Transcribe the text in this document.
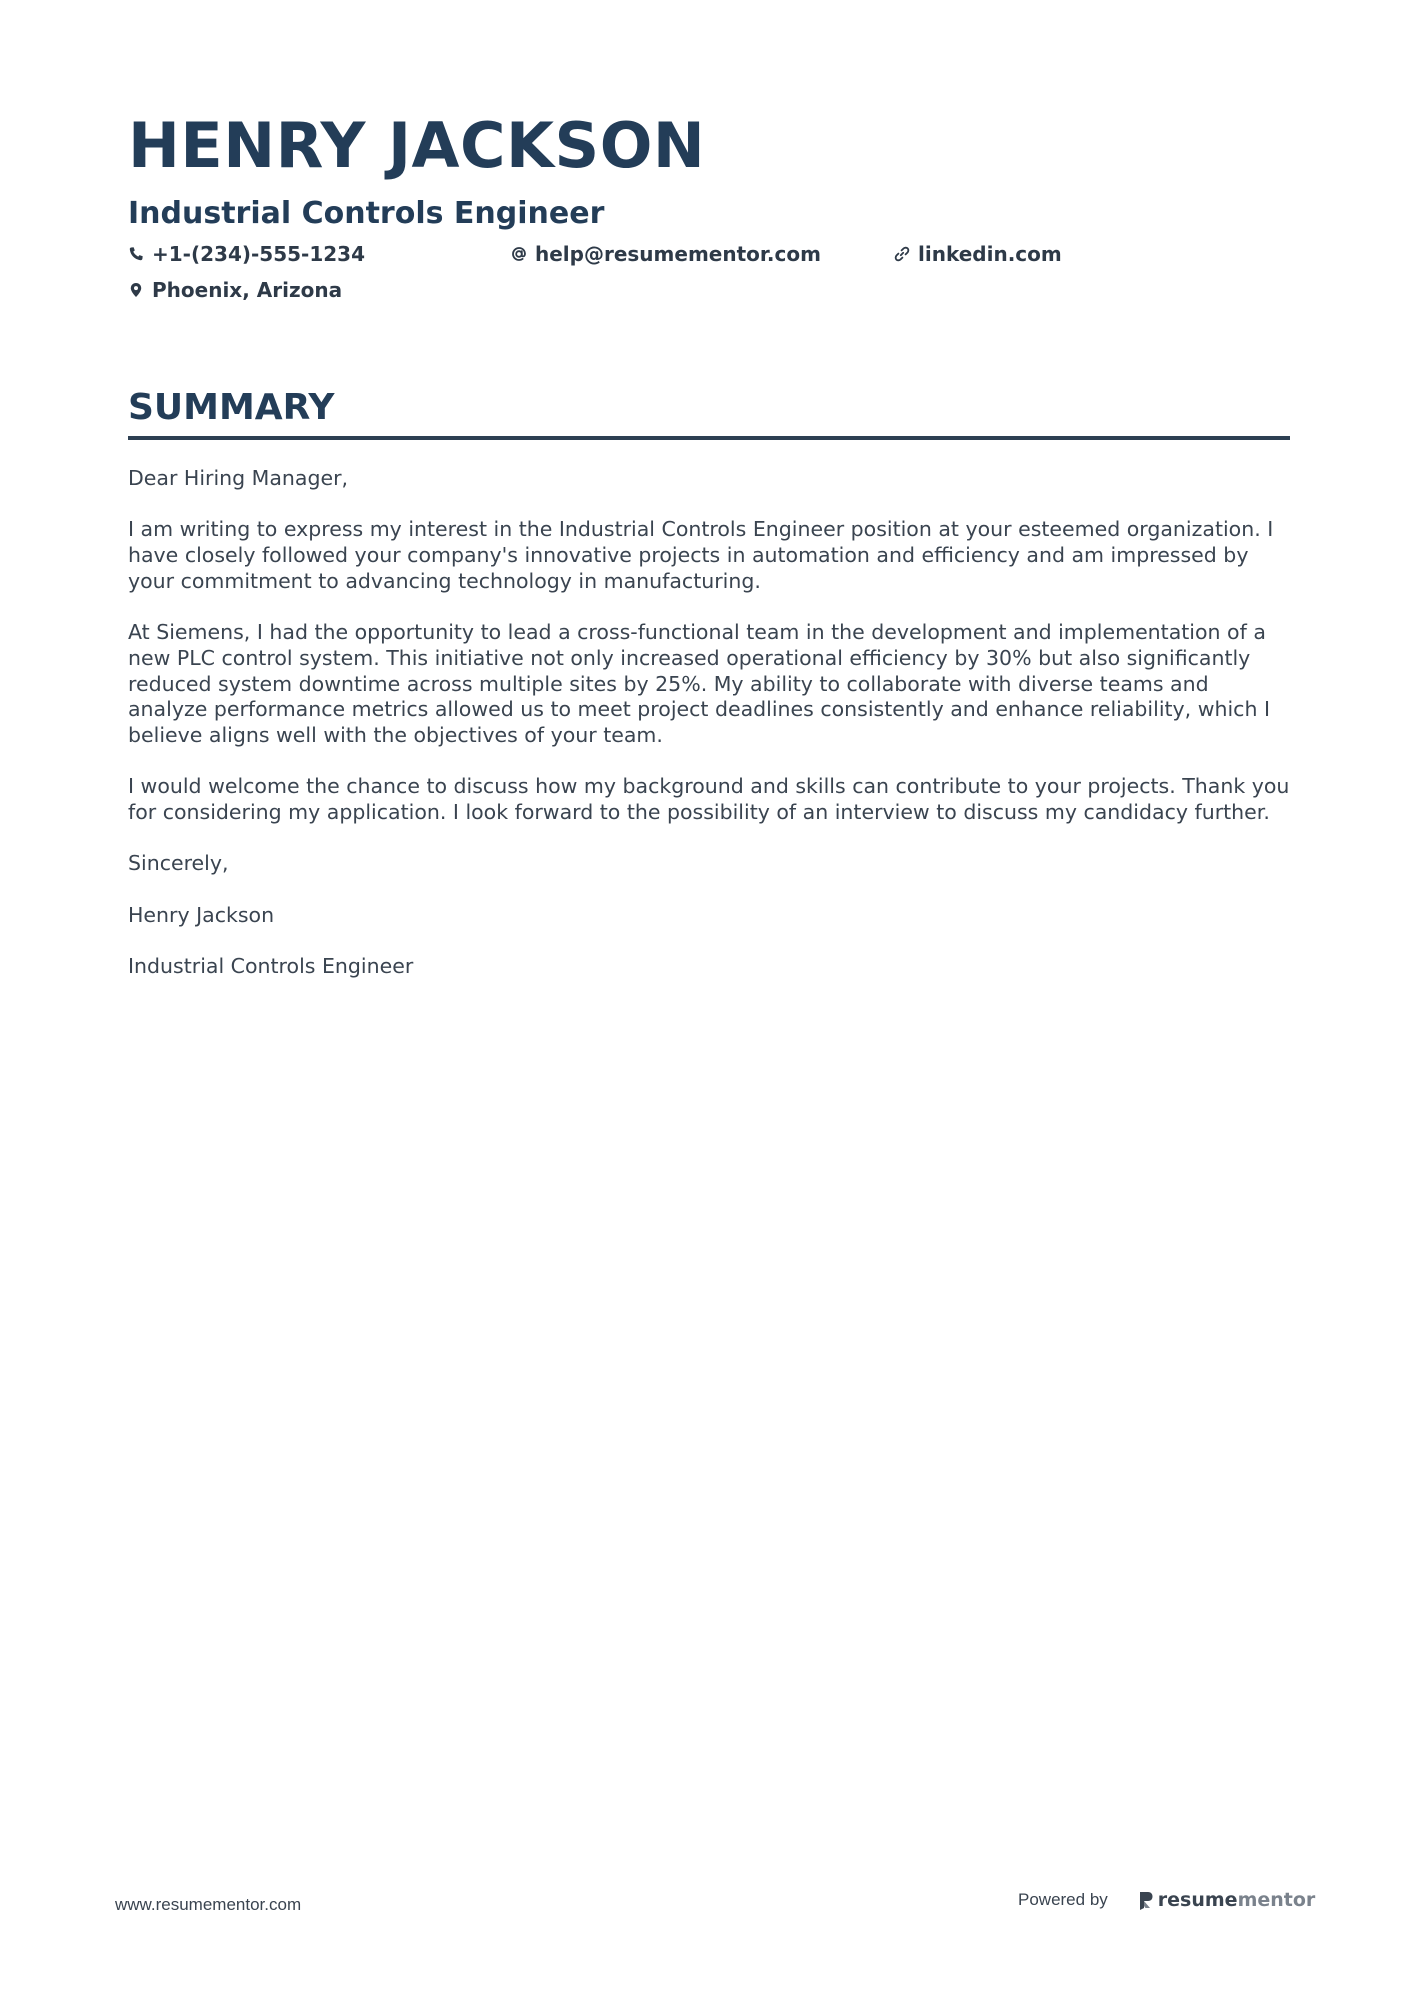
HENRY JACKSON
Industrial Controls Engineer
+1-(234)-555-1234	help@resumementor.com	linkedin.com
Phoenix, Arizona
SUMMARY

Dear Hiring Manager,

I am writing to express my interest in the Industrial Controls Engineer position at your esteemed organization. I have closely followed your company's innovative projects in automation and efficiency and am impressed by your commitment to advancing technology in manufacturing.

At Siemens, I had the opportunity to lead a cross-functional team in the development and implementation of a new PLC control system. This initiative not only increased operational efficiency by 30% but also significantly reduced system downtime across multiple sites by 25%. My ability to collaborate with diverse teams and analyze performance metrics allowed us to meet project deadlines consistently and enhance reliability, which I believe aligns well with the objectives of your team.

I would welcome the chance to discuss how my background and skills can contribute to your projects. Thank you for considering my application. I look forward to the possibility of an interview to discuss my candidacy further.

Sincerely,

Henry Jackson

Industrial Controls Engineer

www.resumementor.com	Powered by	resume mentor
